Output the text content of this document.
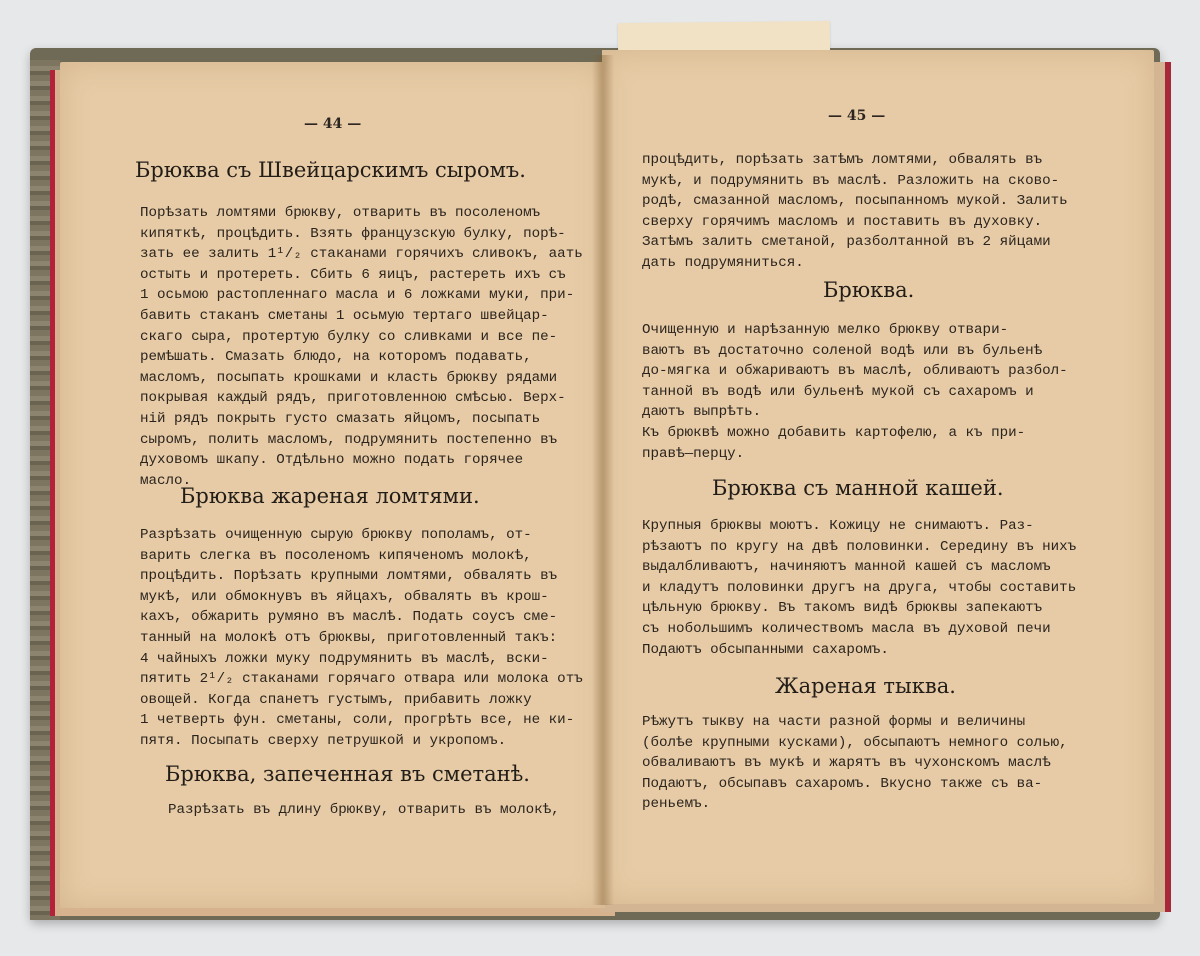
— 44 —
Брюква съ Швейцарскимъ сыромъ.
Порѣзать ломтями брюкву, отварить въ посоленомъ
кипяткѣ, процѣдить. Взять французскую булку, порѣ-
зать ее залить 1¹/₂ стаканами горячихъ сливокъ, аать
остыть и протереть. Сбить 6 яицъ, растереть ихъ съ
1 осьмою растопленнаго масла и 6 ложками муки, при-
бавить стаканъ сметаны 1 осьмую тертаго швейцар-
скаго сыра, протертую булку со сливками и все пе-
ремѣшать. Смазать блюдо, на которомъ подавать,
масломъ, посыпать крошками и класть брюкву рядами
покрывая каждый рядъ, приготовленною смѣсью. Верх-
ній рядъ покрыть густо смазать яйцомъ, посыпать
сыромъ, полить масломъ, подрумянить постепенно въ
духовомъ шкапу. Отдѣльно можно подать горячее
масло.
Брюква жареная ломтями.
Разрѣзать очищенную сырую брюкву пополамъ, от-
варить слегка въ посоленомъ кипяченомъ молокѣ,
процѣдить. Порѣзать крупными ломтями, обвалять въ
мукѣ, или обмокнувъ въ яйцахъ, обвалять въ крош-
кахъ, обжарить румяно въ маслѣ. Подать соусъ сме-
танный на молокѣ отъ брюквы, приготовленный такъ:
4 чайныхъ ложки муку подрумянить въ маслѣ, вски-
пятить 2¹/₂ стаканами горячаго отвара или молока отъ
овощей. Когда спанетъ густымъ, прибавить ложку
1 четверть фун. сметаны, соли, прогрѣть все, не ки-
пятя. Посыпать сверху петрушкой и укропомъ.
Брюква, запеченная въ сметанѣ.
Разрѣзать въ длину брюкву, отварить въ молокѣ,
— 45 —
процѣдить, порѣзать затѣмъ ломтями, обвалять въ
мукѣ, и подрумянить въ маслѣ. Разложить на сково-
родѣ, смазанной масломъ, посыпанномъ мукой. Залить
сверху горячимъ масломъ и поставить въ духовку.
Затѣмъ залить сметаной, разболтанной въ 2 яйцами
дать подрумяниться.
Брюква.
Очищенную и нарѣзанную мелко брюкву отвари-
ваютъ въ достаточно соленой водѣ или въ бульенѣ
до-мягка и обжариваютъ въ маслѣ, обливаютъ разбол-
танной въ водѣ или бульенѣ мукой съ сахаромъ и
даютъ выпрѣть.
Къ брюквѣ можно добавить картофелю, а къ при-
правѣ—перцу.
Брюква съ манной кашей.
Крупныя брюквы моютъ. Кожицу не снимаютъ. Раз-
рѣзаютъ по кругу на двѣ половинки. Середину въ нихъ
выдалбливаютъ, начиняютъ манной кашей съ масломъ
и кладутъ половинки другъ на друга, чтобы составить
цѣльную брюкву. Въ такомъ видѣ брюквы запекаютъ
съ нобольшимъ количествомъ масла въ духовой печи
Подаютъ обсыпанными сахаромъ.
Жареная тыква.
Рѣжутъ тыкву на части разной формы и величины
(болѣе крупными кусками), обсыпаютъ немного солью,
обваливаютъ въ мукѣ и жарятъ въ чухонскомъ маслѣ
Подаютъ, обсыпавъ сахаромъ. Вкусно также съ ва-
реньемъ.
